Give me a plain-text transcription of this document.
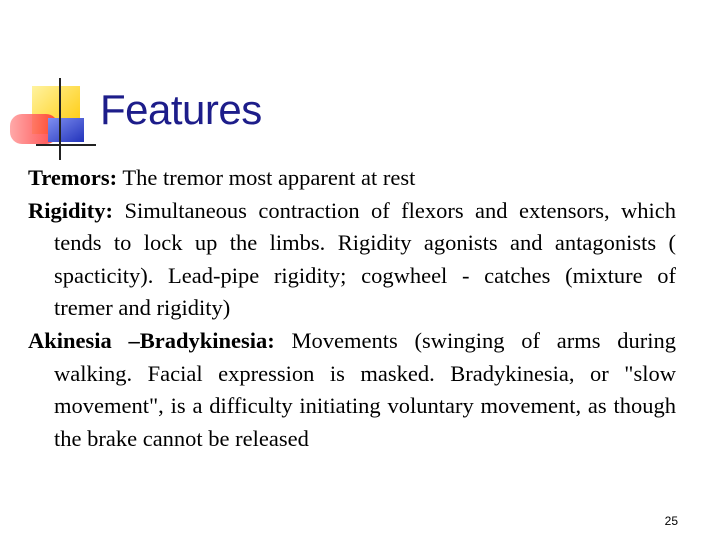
Features

Tremors: The tremor most apparent at rest

Rigidity: Simultaneous contraction of flexors and extensors, which tends to lock up the limbs. Rigidity agonists and antagonists ( spacticity). Lead-pipe rigidity; cogwheel - catches (mixture of tremer and rigidity)

Akinesia –Bradykinesia: Movements (swinging of arms during walking. Facial expression is masked. Bradykinesia, or "slow movement", is a difficulty initiating voluntary movement, as though the brake cannot be released

25
